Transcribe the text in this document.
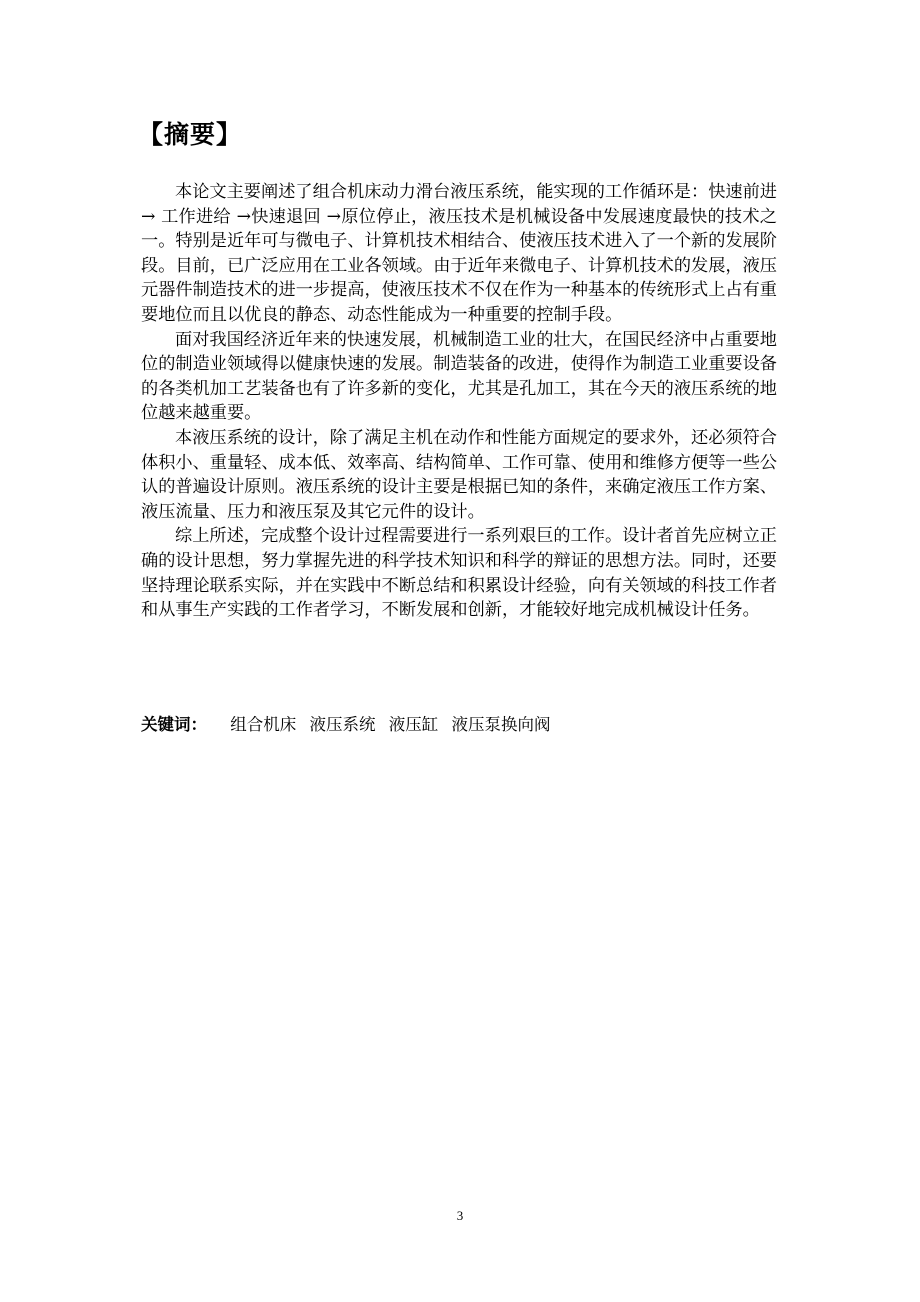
【摘要】

本论文主要阐述了组合机床动力滑台液压系统，能实现的工作循环是：快速前进→ 工作进给 →快速退回 →原位停止，液压技术是机械设备中发展速度最快的技术之一。特别是近年可与微电子、计算机技术相结合、使液压技术进入了一个新的发展阶段。目前，已广泛应用在工业各领域。由于近年来微电子、计算机技术的发展，液压元器件制造技术的进一步提高，使液压技术不仅在作为一种基本的传统形式上占有重要地位而且以优良的静态、动态性能成为一种重要的控制手段。

面对我国经济近年来的快速发展，机械制造工业的壮大，在国民经济中占重要地位的制造业领域得以健康快速的发展。制造装备的改进，使得作为制造工业重要设备的各类机加工艺装备也有了许多新的变化，尤其是孔加工，其在今天的液压系统的地位越来越重要。

本液压系统的设计，除了满足主机在动作和性能方面规定的要求外，还必须符合体积小、重量轻、成本低、效率高、结构简单、工作可靠、使用和维修方便等一些公认的普遍设计原则。液压系统的设计主要是根据已知的条件，来确定液压工作方案、液压流量、压力和液压泵及其它元件的设计。

综上所述，完成整个设计过程需要进行一系列艰巨的工作。设计者首先应树立正确的设计思想，努力掌握先进的科学技术知识和科学的辩证的思想方法。同时，还要坚持理论联系实际，并在实践中不断总结和积累设计经验，向有关领域的科技工作者和从事生产实践的工作者学习，不断发展和创新，才能较好地完成机械设计任务。

关键词： 组合机床 液压系统 液压缸 液压泵换向阀
3
